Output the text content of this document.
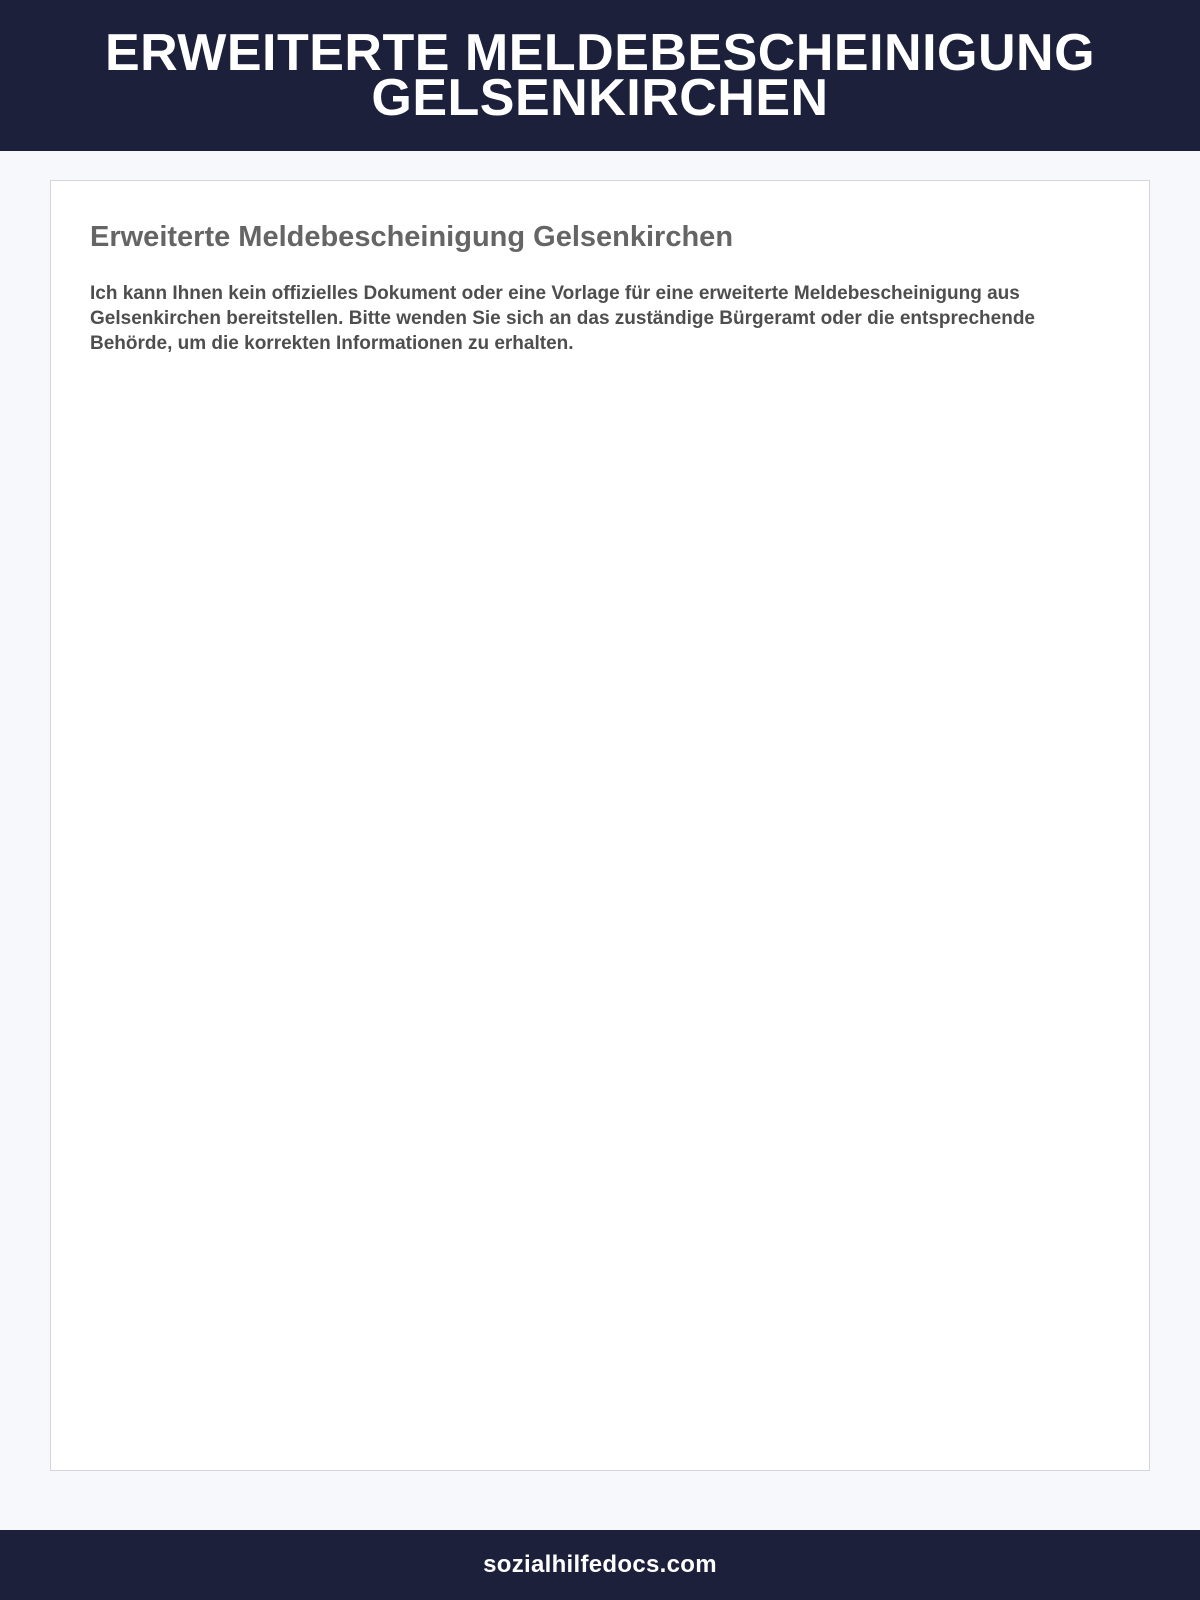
ERWEITERTE MELDEBESCHEINIGUNG GELSENKIRCHEN
Erweiterte Meldebescheinigung Gelsenkirchen

Ich kann Ihnen kein offizielles Dokument oder eine Vorlage für eine erweiterte Meldebescheinigung aus Gelsenkirchen bereitstellen. Bitte wenden Sie sich an das zuständige Bürgeramt oder die entsprechende Behörde, um die korrekten Informationen zu erhalten.

sozialhilfedocs.com
